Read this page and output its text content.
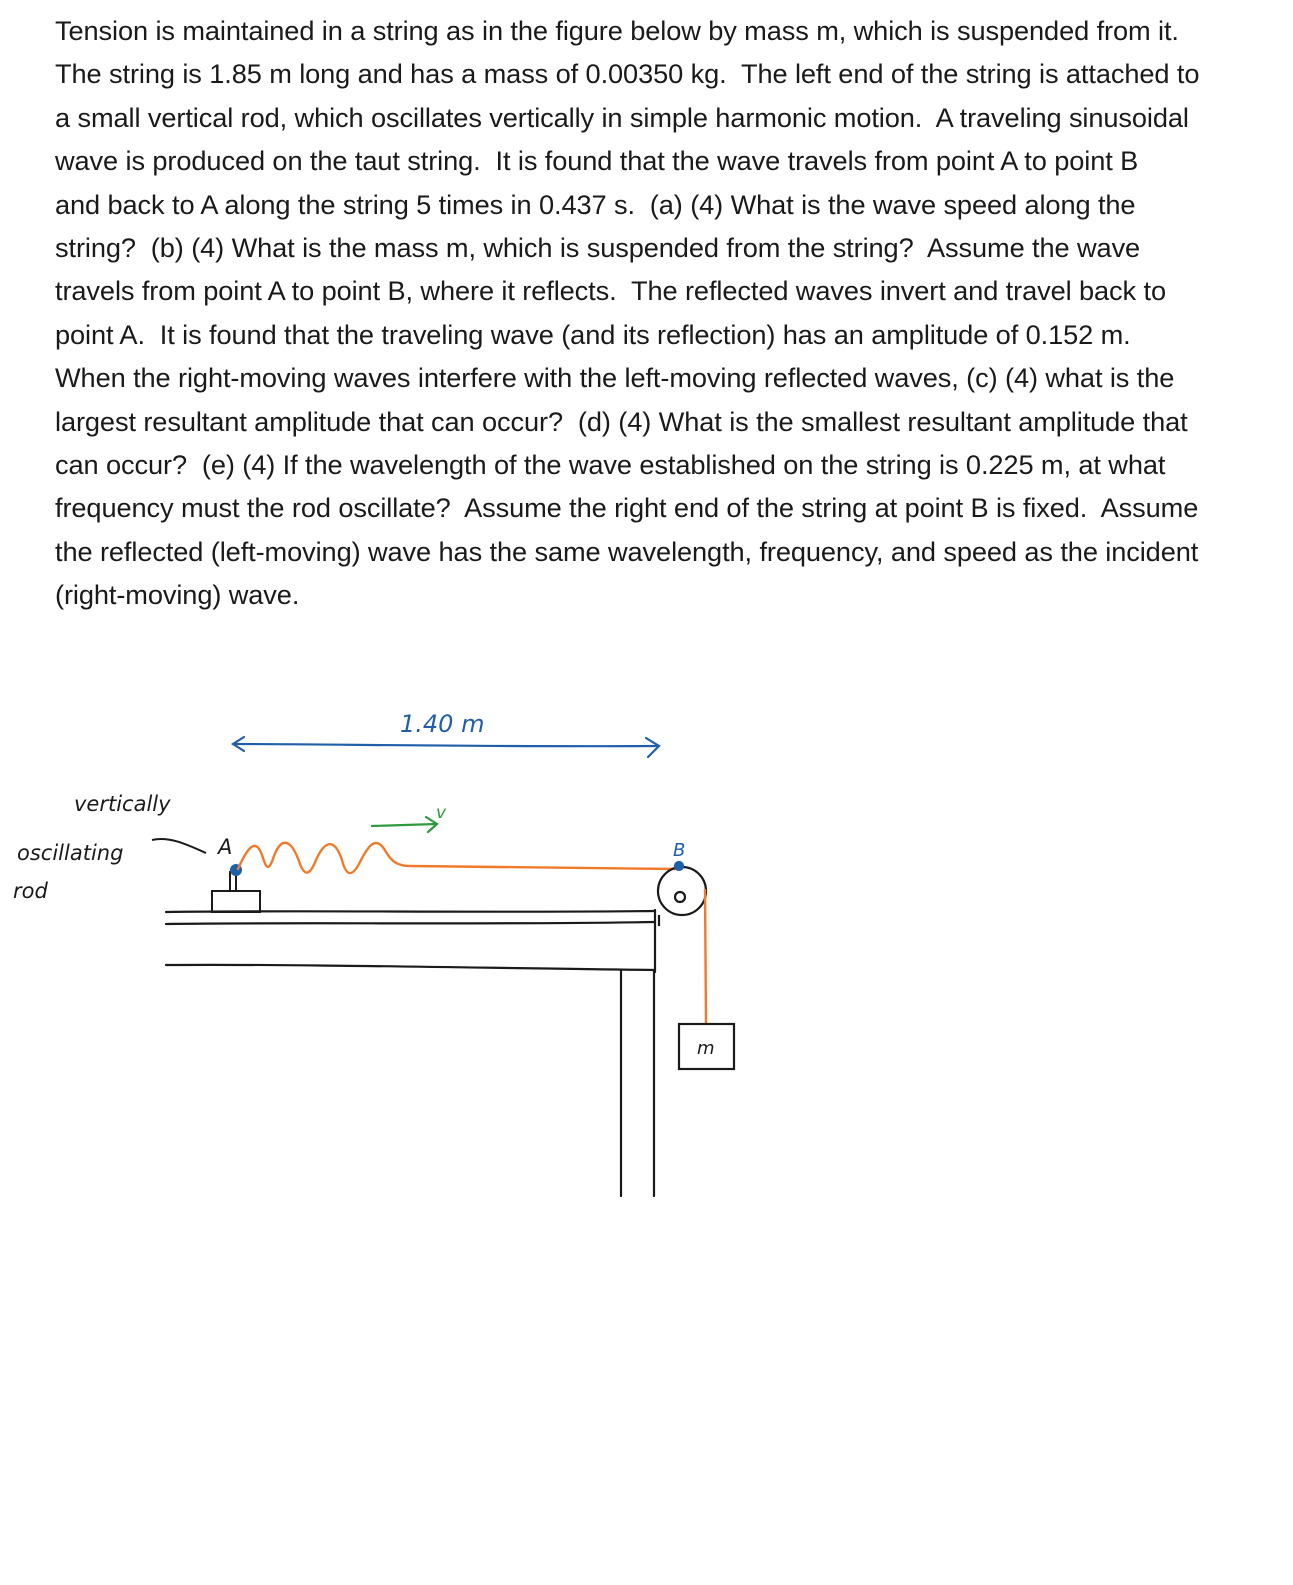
Tension is maintained in a string as in the figure below by mass m, which is suspended from it.
The string is 1.85 m long and has a mass of 0.00350 kg.  The left end of the string is attached to
a small vertical rod, which oscillates vertically in simple harmonic motion.  A traveling sinusoidal
wave is produced on the taut string.  It is found that the wave travels from point A to point B
and back to A along the string 5 times in 0.437 s.  (a) (4) What is the wave speed along the
string?  (b) (4) What is the mass m, which is suspended from the string?  Assume the wave
travels from point A to point B, where it reflects.  The reflected waves invert and travel back to
point A.  It is found that the traveling wave (and its reflection) has an amplitude of 0.152 m.
When the right-moving waves interfere with the left-moving reflected waves, (c) (4) what is the
largest resultant amplitude that can occur?  (d) (4) What is the smallest resultant amplitude that
can occur?  (e) (4) If the wavelength of the wave established on the string is 0.225 m, at what
frequency must the rod oscillate?  Assume the right end of the string at point B is fixed.  Assume
the reflected (left-moving) wave has the same wavelength, frequency, and speed as the incident
(right-moving) wave.
1.40 m
vertically
oscillating
rod
A
v
B
m
